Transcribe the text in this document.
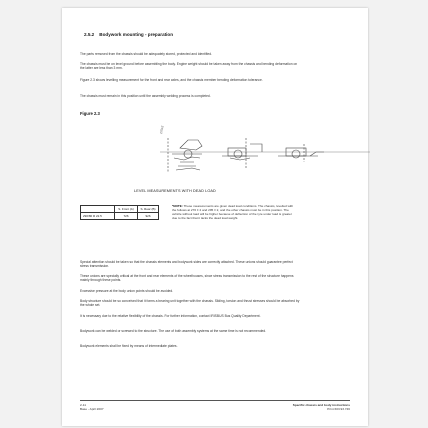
2.5.2 Bodywork mounting - preparation
The parts removed from the chassis should be adequately stored, protected and identified.
The chassis must be on level ground before assembling the body. Engine weight should be taken away from the chassis and bending deformation on the latter are less than 3 mm.
Figure 2.3 shows levelling measurement for the front and rear axles, and the chassis member bending deformation tolerance.
The chassis must remain in this position until the assembly welding process is completed.
Figure 2.3
270±2
LEVEL MEASUREMENTS WITH DEAD LOAD
	S. Front (A)	S. Rear (B)
290/80 R 22.5	726	926
*NOTE: These measurements are given dead load conditions. The chassis, levelled with the follows at 270 ± 2 and 295 ± 2, and the other chassis must be in this position. The vehicle without load will be higher because of deflection of the tyre under load is greater due to the fact that it lacks the dead load weight.
Special attention should be taken so that the chassis elements and bodywork sides are correctly attached. These unions should guarantee perfect stress transmission.
These unions are specially critical at the front and rear elements of the wheelhouses, since stress transmission to the rest of the structure happens mainly through these points.
Excessive pressure at the body union points should be avoided.
Body structure should be so conceived that it forms a bearing unit together with the chassis. Sliding, torsion and thrust stresses should be absorbed by the whole set.
It is necessary due to the relative flexibility of the chassis. For further information, contact IRISBUS Bus Quality Department.
Bodywork can be welded or screwed to the structure. The use of both assembly systems at the same time is not recommended.
Bodywork elements shall be fixed by means of intermediate plates.
2-11
Base - April 2007
Specific chassis and body instructions
Print 603.93.746
